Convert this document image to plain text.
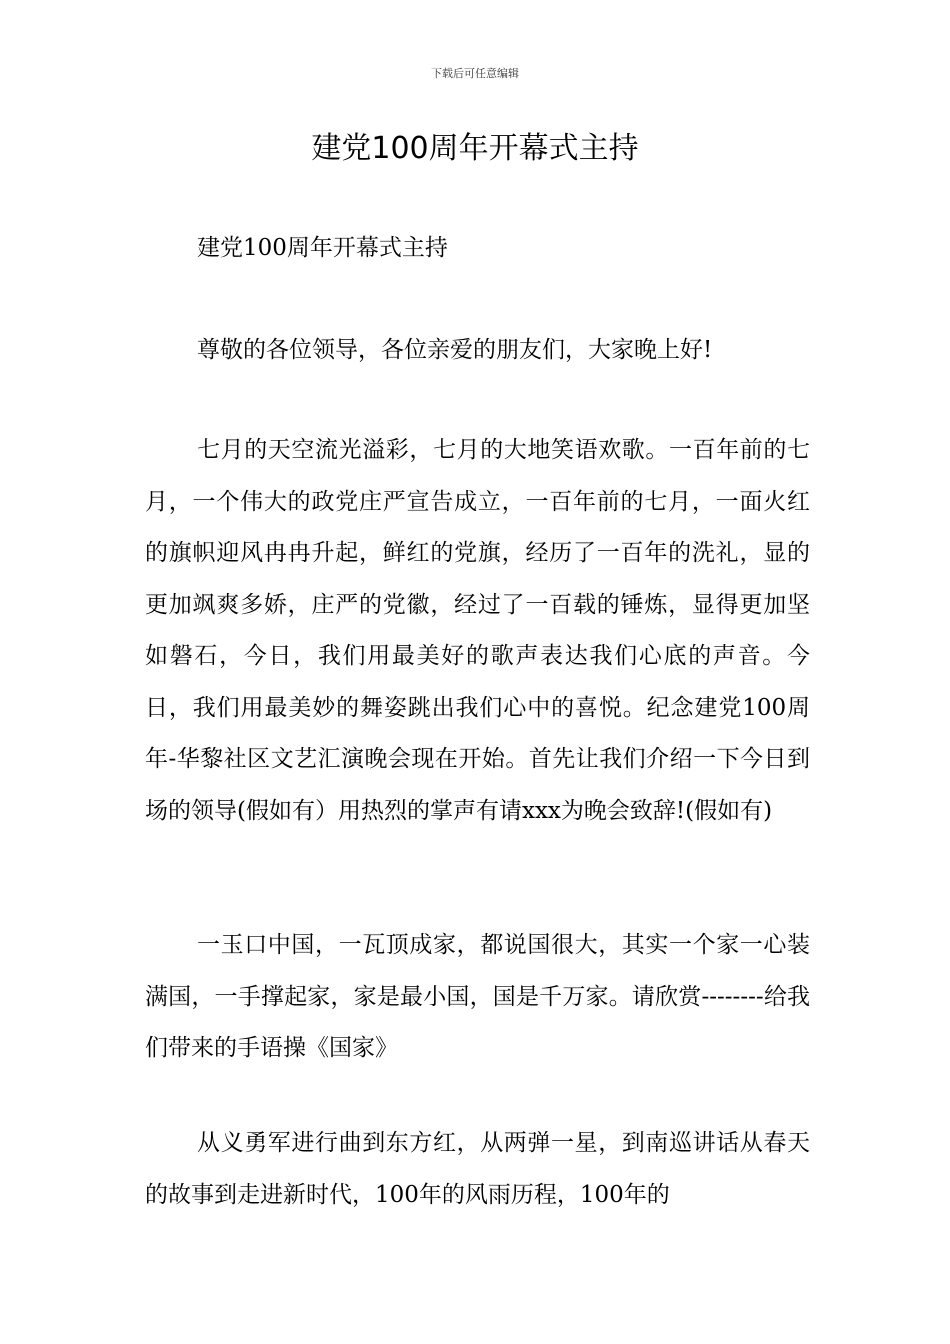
下载后可任意编辑
建党100周年开幕式主持

建党100周年开幕式主持

尊敬的各位领导，各位亲爱的朋友们，大家晚上好!

七月的天空流光溢彩，七月的大地笑语欢歌。一百年前的七月，一个伟大的政党庄严宣告成立，一百年前的七月，一面火红的旗帜迎风冉冉升起，鲜红的党旗，经历了一百年的洗礼，显的更加飒爽多娇，庄严的党徽，经过了一百载的锤炼，显得更加坚如磐石，今日，我们用最美好的歌声表达我们心底的声音。今日，我们用最美妙的舞姿跳出我们心中的喜悦。纪念建党100周年-华黎社区文艺汇演晚会现在开始。首先让我们介绍一下今日到场的领导(假如有）用热烈的掌声有请xxx为晚会致辞!(假如有)

一玉口中国，一瓦顶成家，都说国很大，其实一个家一心装满国，一手撑起家，家是最小国，国是千万家。请欣赏--------给我们带来的手语操《国家》

从义勇军进行曲到东方红，从两弹一星，到南巡讲话从春天的故事到走进新时代，100年的风雨历程，100年的
